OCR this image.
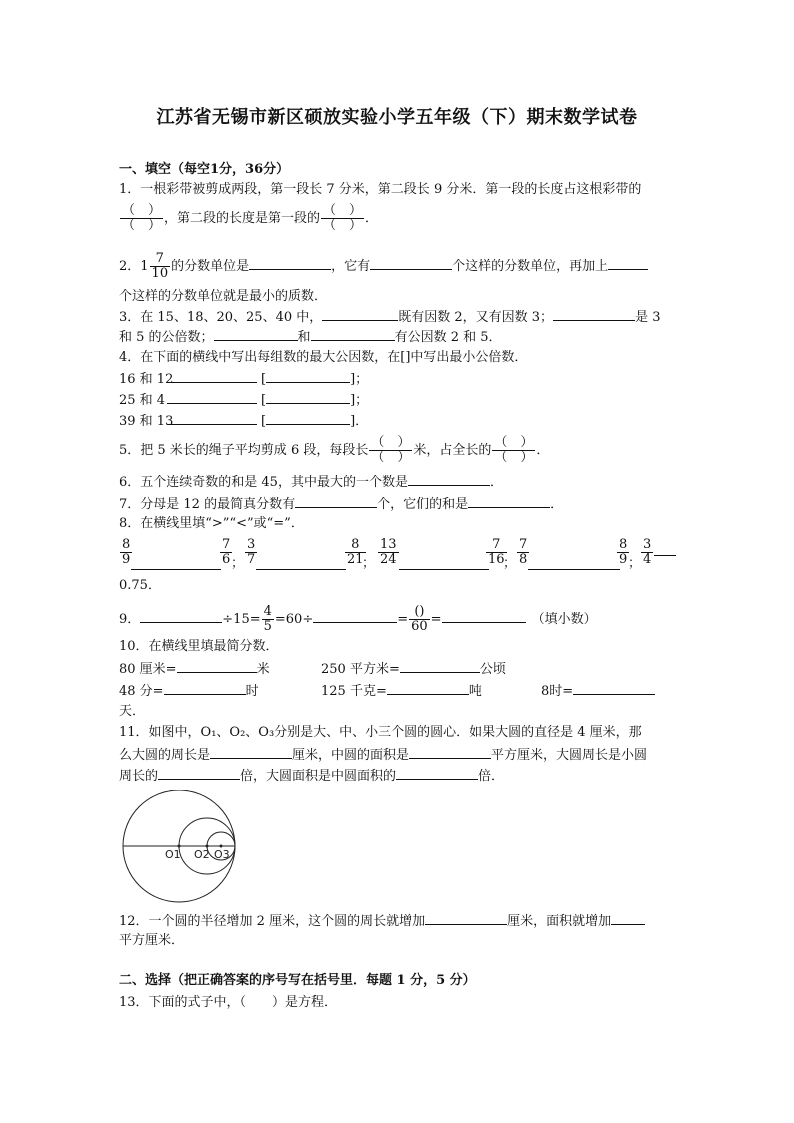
江苏省无锡市新区硕放实验小学五年级（下）期末数学试卷
一、填空（每空1分，36分）
1．一根彩带被剪成两段，第一段长 7 分米，第二段长 9 分米．第一段的长度占这根彩带的
$\frac{( )}{( )}$ ，第二段的长度是第一段的 $\frac{( )}{( )}$ ．
2．$1 \frac{7}{10}$ 的分数单位是	，它有	个这样的分数单位，再加上
个这样的分数单位就是最小的质数．
3．在 15、18、20、25、40 中，	既有因数 2，又有因数 3；	是 3
和 5 的公倍数；	和	有公因数 2 和 5．
4．在下面的横线中写出每组数的最大公因数，在[]中写出最小公倍数．
16 和 12	[	]；
25 和 4	[	]；
39 和 13	[	]．
5．把 5 米长的绳子平均剪成 6 段，每段长 $\frac{( )}{( )}$ 米，占全长的 $\frac{( )}{( )}$ ．
6．五个连续奇数的和是 45，其中最大的一个数是	．
7．分母是 12 的最简真分数有	个，它们的和是	．
8．在横线里填“>”“<”或“=”．
$\frac{8}{9}$	$\frac{7}{6}$
； $\frac{3}{7}$	$\frac{8}{21}$
； $\frac{13}{24}$	$\frac{7}{16}$
； $\frac{7}{8}$	$\frac{8}{9}$
； $\frac{3}{4}$
0.75．
9．	$\div 15= \frac{4}{5} =60\div$	= $\frac{()}{60}$ =	（填小数）
10．在横线里填最简分数．
80 厘米=	米	250 平方米=	公顷
48 分=	时	125 千克=	吨	8时=
天．
11．如图中，O₁、O₂、O₃分别是大、中、小三个圆的圆心．如果大圆的直径是 4 厘米，那
么大圆的周长是	厘米，中圆的面积是	平方厘米，大圆周长是小圆
周长的	倍，大圆面积是中圆面积的	倍．
O1 O2 O3
12．一个圆的半径增加 2 厘米，这个圆的周长就增加	厘米，面积就增加
平方厘米．
二、选择（把正确答案的序号写在括号里．每题 1 分，5 分）
13．下面的式子中，（　　）是方程．
